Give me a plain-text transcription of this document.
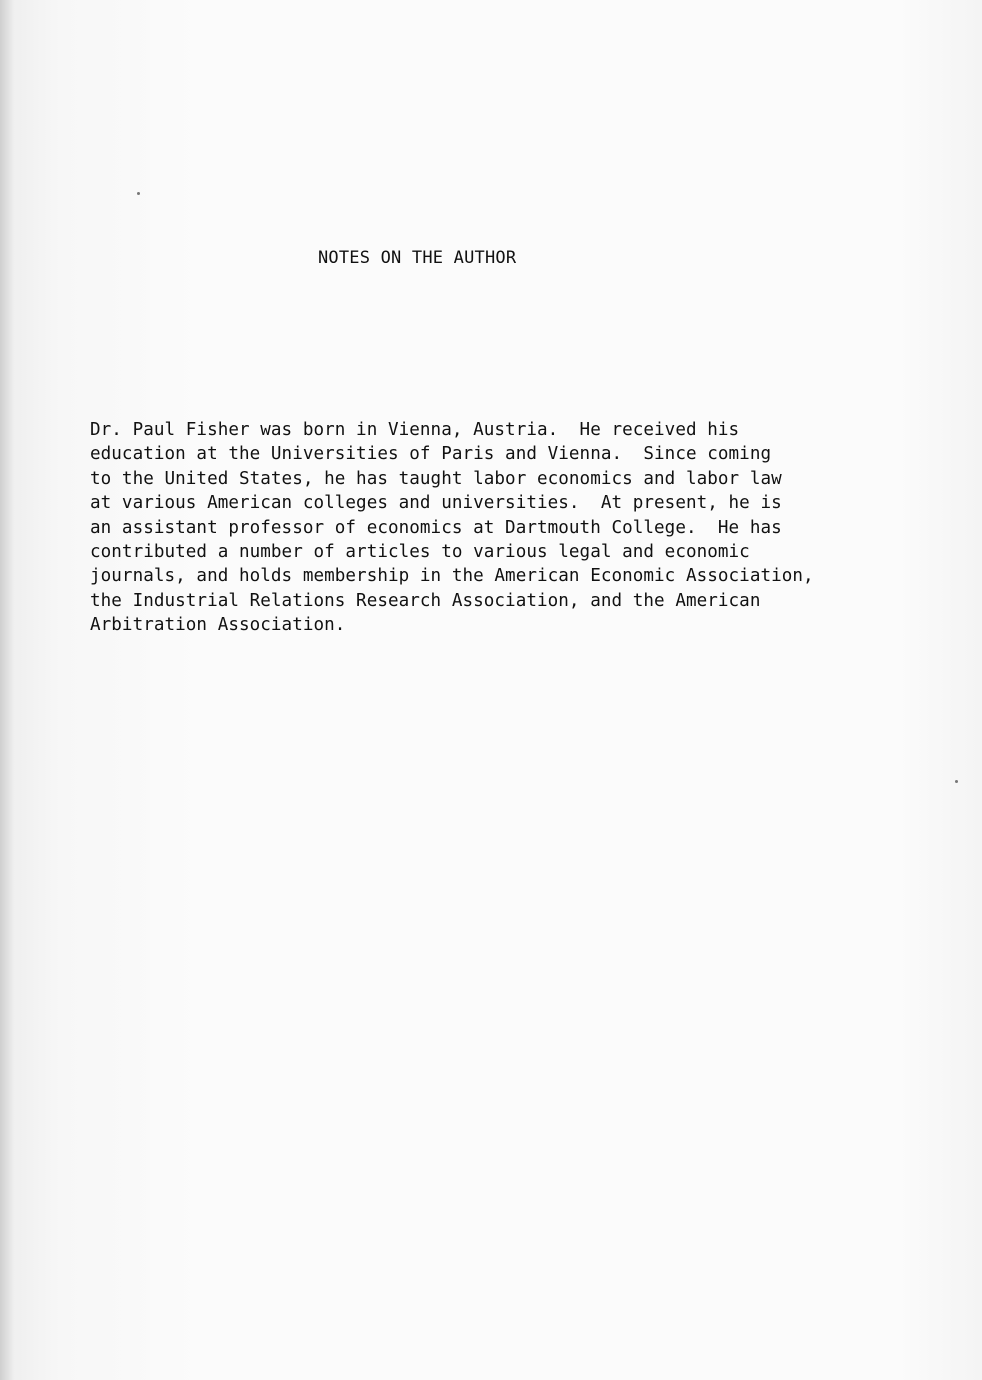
NOTES ON THE AUTHOR
Dr. Paul Fisher was born in Vienna, Austria.  He received his
education at the Universities of Paris and Vienna.  Since coming
to the United States, he has taught labor economics and labor law
at various American colleges and universities.  At present, he is
an assistant professor of economics at Dartmouth College.  He has
contributed a number of articles to various legal and economic
journals, and holds membership in the American Economic Association,
the Industrial Relations Research Association, and the American
Arbitration Association.
